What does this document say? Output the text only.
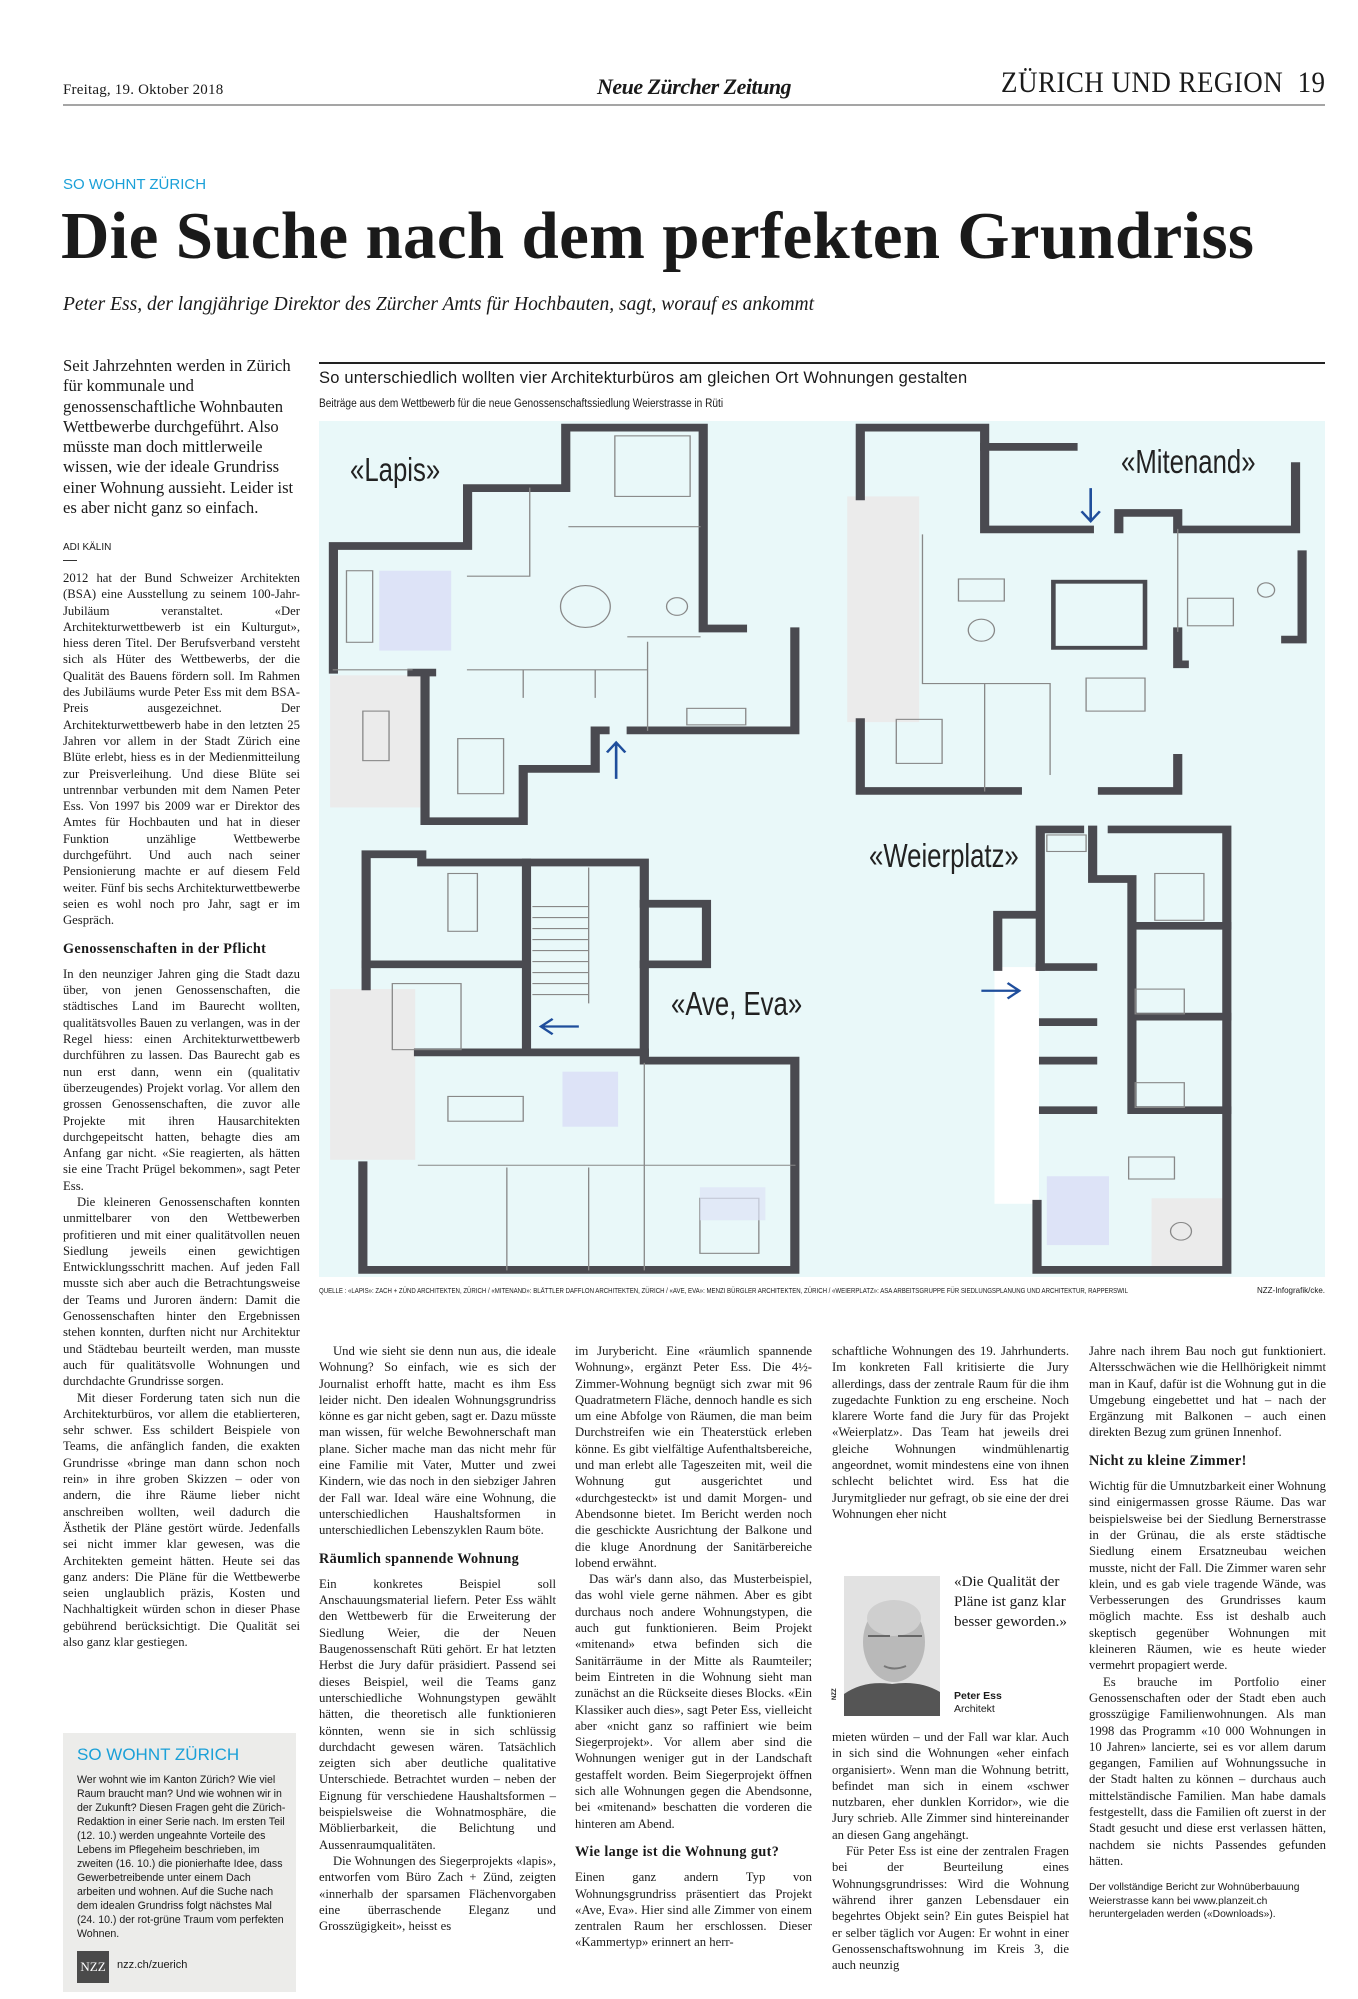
Freitag, 19. Oktober 2018	Neue Zürcher Zeitung	ZÜRICH UND REGION 19
SO WOHNT ZÜRICH
Die Suche nach dem perfekten Grundriss
Peter Ess, der langjährige Direktor des Zürcher Amts für Hochbauten, sagt, worauf es ankommt
Seit Jahrzehnten werden in Zürich für kommunale und genossenschaftliche Wohnbauten Wettbewerbe durchgeführt. Also müsste man doch mittlerweile wissen, wie der ideale Grundriss einer Wohnung aussieht. Leider ist es aber nicht ganz so einfach.
ADI KÄLIN

2012 hat der Bund Schweizer Architekten (BSA) eine Ausstellung zu seinem 100-Jahr-Jubiläum veranstaltet. «Der Architekturwettbewerb ist ein Kulturgut», hiess deren Titel. Der Berufsverband versteht sich als Hüter des Wettbewerbs, der die Qualität des Bauens fördern soll. Im Rahmen des Jubiläums wurde Peter Ess mit dem BSA-Preis ausgezeichnet. Der Architekturwettbewerb habe in den letzten 25 Jahren vor allem in der Stadt Zürich eine Blüte erlebt, hiess es in der Medienmitteilung zur Preisverleihung. Und diese Blüte sei untrennbar verbunden mit dem Namen Peter Ess. Von 1997 bis 2009 war er Direktor des Amtes für Hochbauten und hat in dieser Funktion unzählige Wettbewerbe durchgeführt. Und auch nach seiner Pensionierung machte er auf diesem Feld weiter. Fünf bis sechs Architekturwettbewerbe seien es wohl noch pro Jahr, sagt er im Gespräch.

Genossenschaften in der Pflicht

In den neunziger Jahren ging die Stadt dazu über, von jenen Genossenschaften, die städtisches Land im Baurecht wollten, qualitätsvolles Bauen zu verlangen, was in der Regel hiess: einen Architekturwettbewerb durchführen zu lassen. Das Baurecht gab es nun erst dann, wenn ein (qualitativ überzeugendes) Projekt vorlag. Vor allem den grossen Genossenschaften, die zuvor alle Projekte mit ihren Hausarchitekten durchgepeitscht hatten, behagte dies am Anfang gar nicht. «Sie reagierten, als hätten sie eine Tracht Prügel bekommen», sagt Peter Ess.

Die kleineren Genossenschaften konnten unmittelbarer von den Wettbewerben profitieren und mit einer qualitätvollen neuen Siedlung jeweils einen gewichtigen Entwicklungsschritt machen. Auf jeden Fall musste sich aber auch die Betrachtungsweise der Teams und Juroren ändern: Damit die Genossenschaften hinter den Ergebnissen stehen konnten, durften nicht nur Architektur und Städtebau beurteilt werden, man musste auch für qualitätsvolle Wohnungen und durchdachte Grundrisse sorgen.

Mit dieser Forderung taten sich nun die Architekturbüros, vor allem die etablierteren, sehr schwer. Ess schildert Beispiele von Teams, die anfänglich fanden, die exakten Grundrisse «bringe man dann schon noch rein» in ihre groben Skizzen – oder von andern, die ihre Räume lieber nicht anschreiben wollten, weil dadurch die Ästhetik der Pläne gestört würde. Jedenfalls sei nicht immer klar gewesen, was die Architekten gemeint hätten. Heute sei das ganz anders: Die Pläne für die Wettbewerbe seien unglaublich präzis, Kosten und Nachhaltigkeit würden schon in dieser Phase gebührend berücksichtigt. Die Qualität sei also ganz klar gestiegen.

Und wie sieht sie denn nun aus, die ideale Wohnung? So einfach, wie es sich der Journalist erhofft hatte, macht es ihm Ess leider nicht. Den idealen Wohnungsgrundriss könne es gar nicht geben, sagt er. Dazu müsste man wissen, für welche Bewohnerschaft man plane. Sicher mache man das nicht mehr für eine Familie mit Vater, Mutter und zwei Kindern, wie das noch in den siebziger Jahren der Fall war. Ideal wäre eine Wohnung, die unterschiedlichen Haushaltsformen in unterschiedlichen Lebenszyklen Raum böte.

Räumlich spannende Wohnung

Ein konkretes Beispiel soll Anschauungsmaterial liefern. Peter Ess wählt den Wettbewerb für die Erweiterung der Siedlung Weier, die der Neuen Baugenossenschaft Rüti gehört. Er hat letzten Herbst die Jury dafür präsidiert. Passend sei dieses Beispiel, weil die Teams ganz unterschiedliche Wohnungstypen gewählt hätten, die theoretisch alle funktionieren könnten, wenn sie in sich schlüssig durchdacht gewesen wären. Tatsächlich zeigten sich aber deutliche qualitative Unterschiede. Betrachtet wurden – neben der Eignung für verschiedene Haushaltsformen – beispielsweise die Wohnatmosphäre, die Möblierbarkeit, die Belichtung und Aussenraumqualitäten.

Die Wohnungen des Siegerprojekts «lapis», entworfen vom Büro Zach + Zünd, zeigten «innerhalb der sparsamen Flächenvorgaben eine überraschende Eleganz und Grosszügigkeit», heisst es

im Jurybericht. Eine «räumlich spannende Wohnung», ergänzt Peter Ess. Die 4½-Zimmer-Wohnung begnügt sich zwar mit 96 Quadratmetern Fläche, dennoch handle es sich um eine Abfolge von Räumen, die man beim Durchstreifen wie ein Theaterstück erleben könne. Es gibt vielfältige Aufenthaltsbereiche, und man erlebt alle Tageszeiten mit, weil die Wohnung gut ausgerichtet und «durchgesteckt» ist und damit Morgen- und Abendsonne bietet. Im Bericht werden noch die geschickte Ausrichtung der Balkone und die kluge Anordnung der Sanitärbereiche lobend erwähnt.

Das wär's dann also, das Musterbeispiel, das wohl viele gerne nähmen. Aber es gibt durchaus noch andere Wohnungstypen, die auch gut funktionieren. Beim Projekt «mitenand» etwa befinden sich die Sanitärräume in der Mitte als Raumteiler; beim Eintreten in die Wohnung sieht man zunächst an die Rückseite dieses Blocks. «Ein Klassiker auch dies», sagt Peter Ess, vielleicht aber «nicht ganz so raffiniert wie beim Siegerprojekt». Vor allem aber sind die Wohnungen weniger gut in der Landschaft gestaffelt worden. Beim Siegerprojekt öffnen sich alle Wohnungen gegen die Abendsonne, bei «mitenand» beschatten die vorderen die hinteren am Abend.

Wie lange ist die Wohnung gut?

Einen ganz andern Typ von Wohnungsgrundriss präsentiert das Projekt «Ave, Eva». Hier sind alle Zimmer von einem zentralen Raum her erschlossen. Dieser «Kammertyp» erinnert an herr-

schaftliche Wohnungen des 19. Jahrhunderts. Im konkreten Fall kritisierte die Jury allerdings, dass der zentrale Raum für die ihm zugedachte Funktion zu eng erscheine. Noch klarere Worte fand die Jury für das Projekt «Weierplatz». Das Team hat jeweils drei gleiche Wohnungen windmühlenartig angeordnet, womit mindestens eine von ihnen schlecht belichtet wird. Ess hat die Jurymitglieder nur gefragt, ob sie eine der drei Wohnungen eher nicht

mieten würden – und der Fall war klar. Auch in sich sind die Wohnungen «eher einfach organisiert». Wenn man die Wohnung betritt, befindet man sich in einem «schwer nutzbaren, eher dunklen Korridor», wie die Jury schrieb. Alle Zimmer sind hintereinander an diesen Gang angehängt.

Für Peter Ess ist eine der zentralen Fragen bei der Beurteilung eines Wohnungsgrundrisses: Wird die Wohnung während ihrer ganzen Lebensdauer ein begehrtes Objekt sein? Ein gutes Beispiel hat er selber täglich vor Augen: Er wohnt in einer Genossenschaftswohnung im Kreis 3, die auch neunzig

Jahre nach ihrem Bau noch gut funktioniert. Altersschwächen wie die Hellhörigkeit nimmt man in Kauf, dafür ist die Wohnung gut in die Umgebung eingebettet und hat – nach der Ergänzung mit Balkonen – auch einen direkten Bezug zum grünen Innenhof.

Nicht zu kleine Zimmer!

Wichtig für die Umnutzbarkeit einer Wohnung sind einigermassen grosse Räume. Das war beispielsweise bei der Siedlung Bernerstrasse in der Grünau, die als erste städtische Siedlung einem Ersatzneubau weichen musste, nicht der Fall. Die Zimmer waren sehr klein, und es gab viele tragende Wände, was Verbesserungen des Grundrisses kaum möglich machte. Ess ist deshalb auch skeptisch gegenüber Wohnungen mit kleineren Räumen, wie es heute wieder vermehrt propagiert werde.

Es brauche im Portfolio einer Genossenschaften oder der Stadt eben auch grosszügige Familienwohnungen. Als man 1998 das Programm «10 000 Wohnungen in 10 Jahren» lancierte, sei es vor allem darum gegangen, Familien auf Wohnungssuche in der Stadt halten zu können – durchaus auch mittelständische Familien. Man habe damals festgestellt, dass die Familien oft zuerst in der Stadt gesucht und diese erst verlassen hätten, nachdem sie nichts Passendes gefunden hätten.

Der vollständige Bericht zur Wohnüberbauung Weierstrasse kann bei www.planzeit.ch heruntergeladen werden («Downloads»).

SO WOHNT ZÜRICH
Wer wohnt wie im Kanton Zürich? Wie viel Raum braucht man? Und wie wohnen wir in der Zukunft? Diesen Fragen geht die Zürich-Redaktion in einer Serie nach. Im ersten Teil (12. 10.) werden ungeahnte Vorteile des Lebens im Pflegeheim beschrieben, im zweiten (16. 10.) die pionierhafte Idee, dass Gewerbetreibende unter einem Dach arbeiten und wohnen. Auf die Suche nach dem idealen Grundriss folgt nächstes Mal (24. 10.) der rot-grüne Traum vom perfekten Wohnen.
NZZ	nzz.ch/zuerich
NZZ
«Die Qualität der Pläne ist ganz klar besser geworden.»
Peter Ess
Architekt
So unterschiedlich wollten vier Architekturbüros am gleichen Ort Wohnungen gestalten
Beiträge aus dem Wettbewerb für die neue Genossenschaftssiedlung Weierstrasse in Rüti
«Lapis»	«Mitenand»
«Ave, Eva»
«Weierplatz»
QUELLE : «LAPIS»: ZACH + ZÜND ARCHITEKTEN, ZÜRICH / «MITENAND»: BLÄTTLER DAFFLON ARCHITEKTEN, ZÜRICH / «AVE, EVA»: MENZI BÜRGLER ARCHITEKTEN, ZÜRICH / «WEIERPLATZ»: ASA ARBEITSGRUPPE FÜR SIEDLUNGSPLANUNG UND ARCHITEKTUR, RAPPERSWIL	NZZ-Infografik/cke.
